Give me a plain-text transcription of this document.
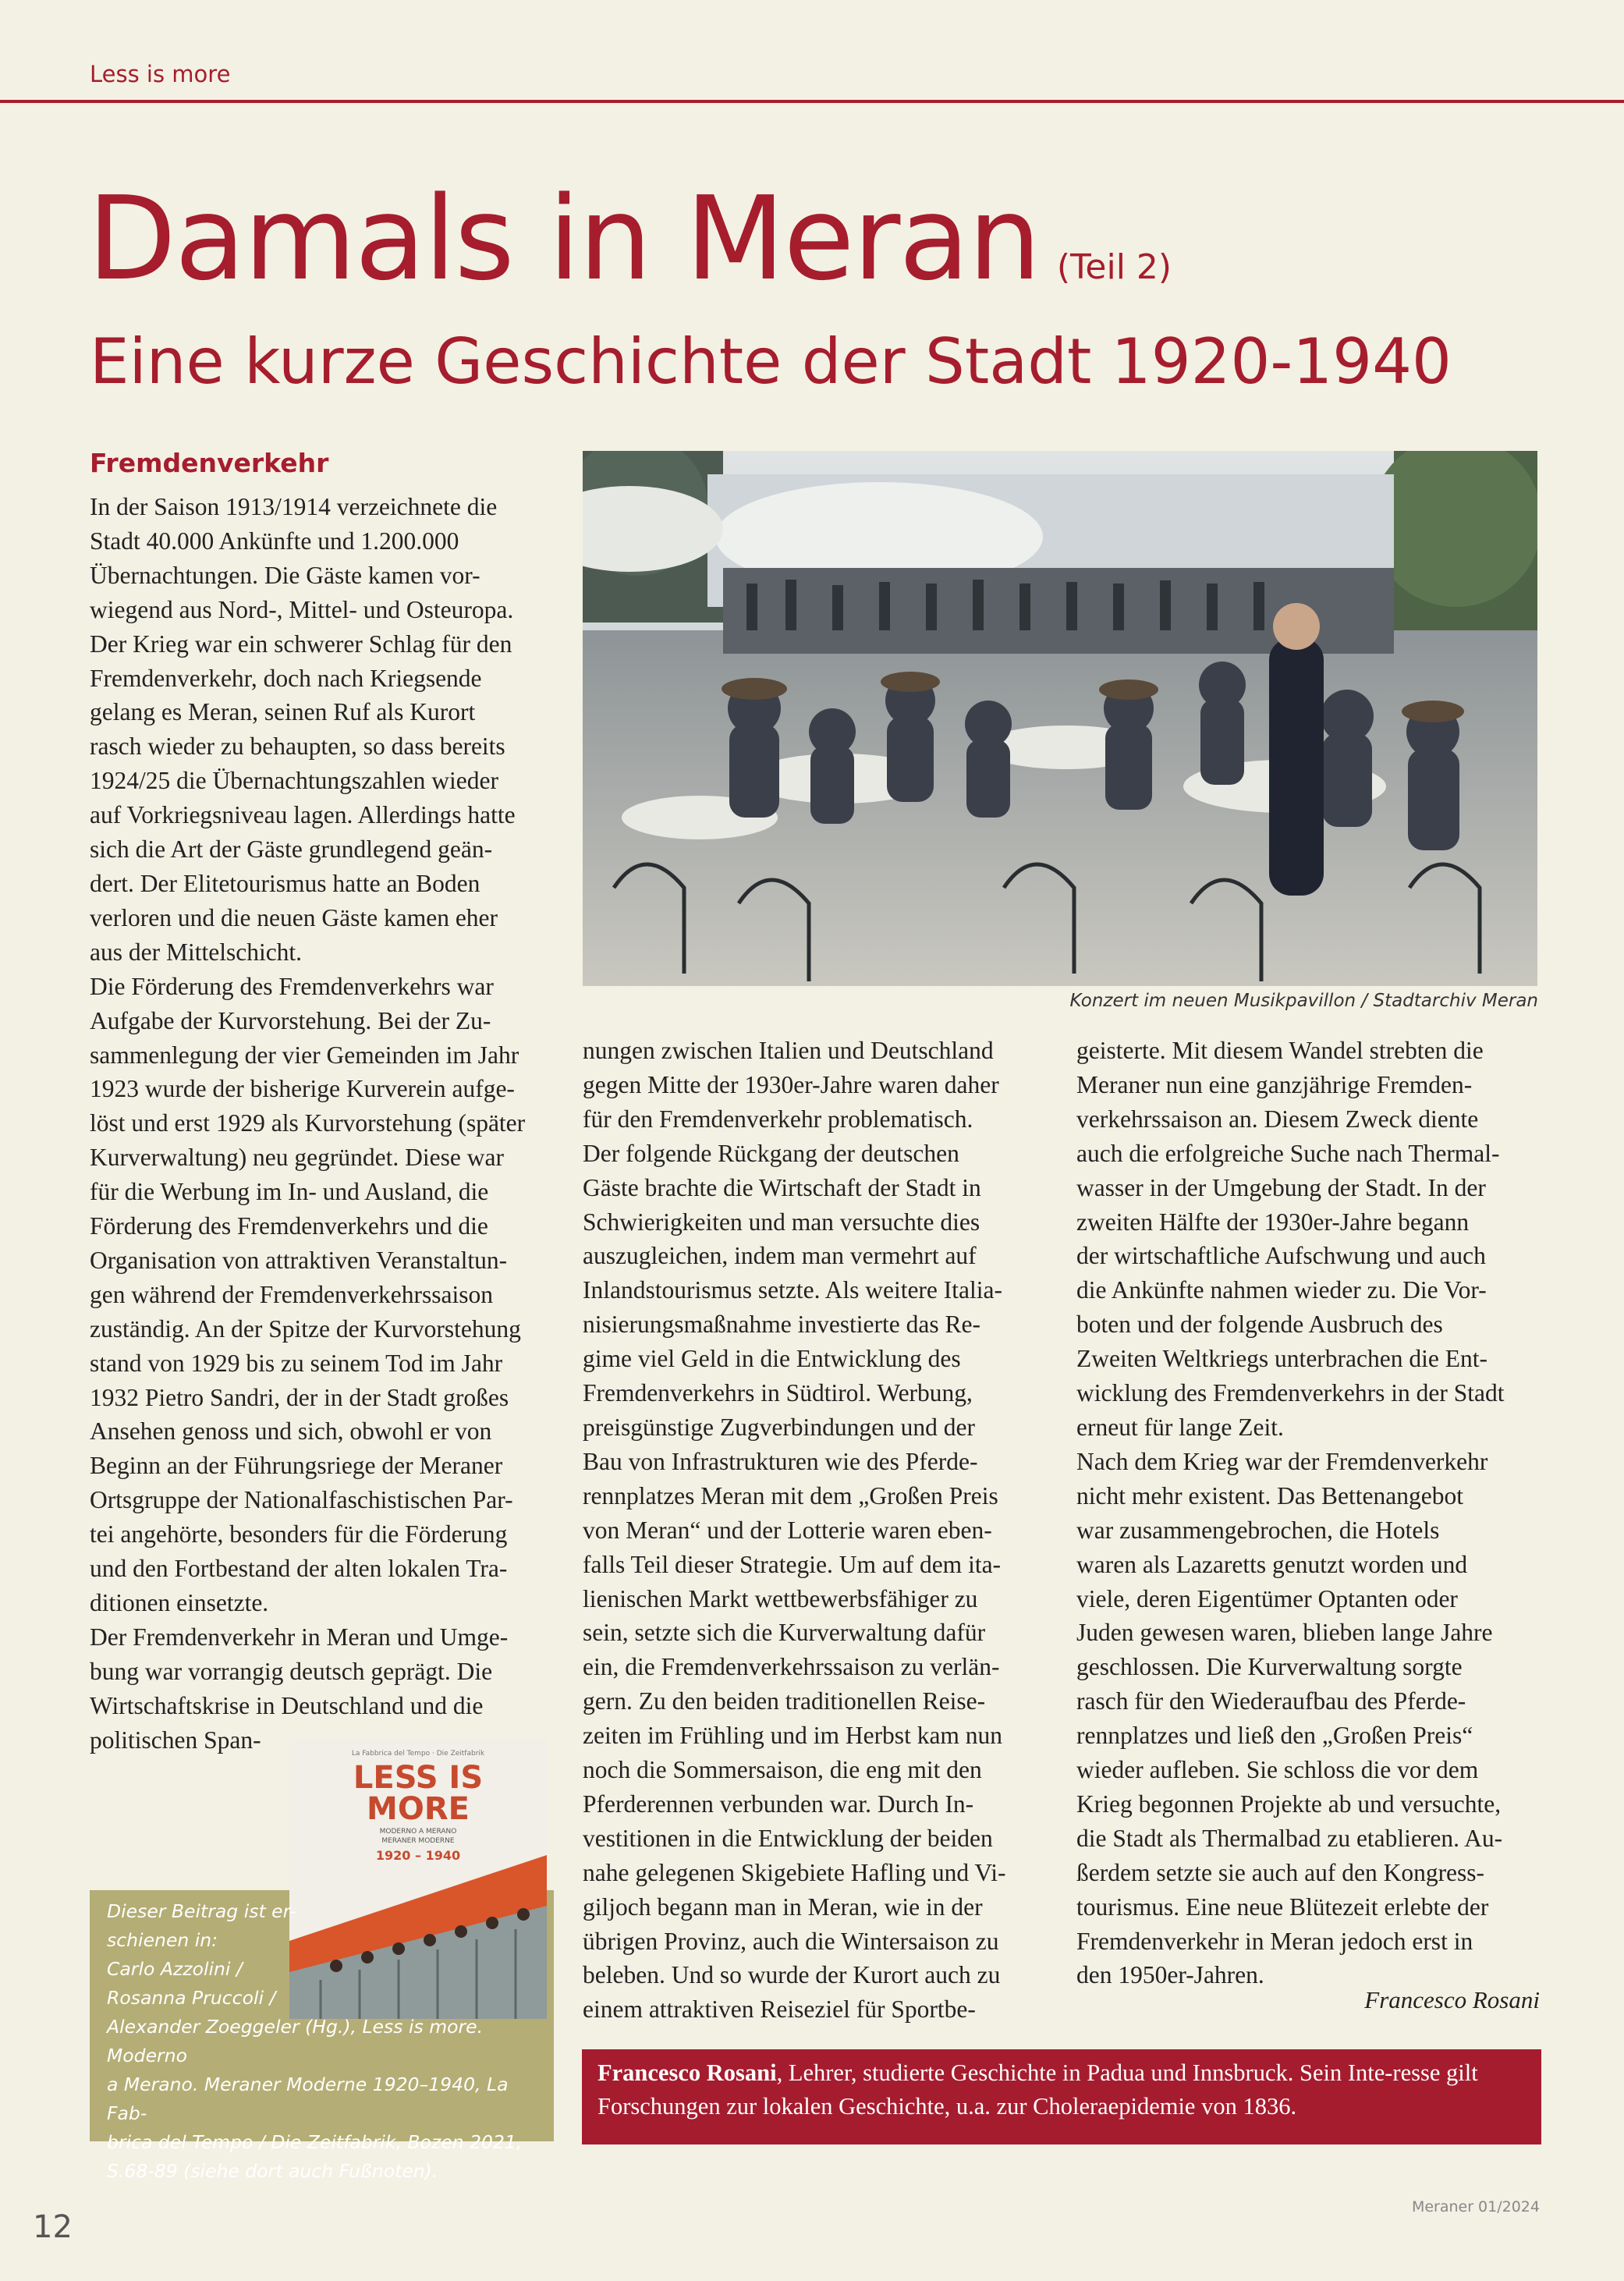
Less is more
Damals in Meran (Teil 2)
Eine kurze Geschichte der Stadt 1920-1940
Fremdenverkehr
In der Saison 1913/1914 verzeichnete die
Stadt 40.000 Ankünfte und 1.200.000
Übernachtungen. Die Gäste kamen vor-
wiegend aus Nord-, Mittel- und Osteuropa.
Der Krieg war ein schwerer Schlag für den
Fremdenverkehr, doch nach Kriegsende
gelang es Meran, seinen Ruf als Kurort
rasch wieder zu behaupten, so dass bereits
1924/25 die Übernachtungszahlen wieder
auf Vorkriegsniveau lagen. Allerdings hatte
sich die Art der Gäste grundlegend geän-
dert. Der Elitetourismus hatte an Boden
verloren und die neuen Gäste kamen eher
aus der Mittelschicht.
Die Förderung des Fremdenverkehrs war
Aufgabe der Kurvorstehung. Bei der Zu-
sammenlegung der vier Gemeinden im Jahr
1923 wurde der bisherige Kurverein aufge-
löst und erst 1929 als Kurvorstehung (später
Kurverwaltung) neu gegründet. Diese war
für die Werbung im In- und Ausland, die
Förderung des Fremdenverkehrs und die
Organisation von attraktiven Veranstaltun-
gen während der Fremdenverkehrssaison
zuständig. An der Spitze der Kurvorstehung
stand von 1929 bis zu seinem Tod im Jahr
1932 Pietro Sandri, der in der Stadt großes
Ansehen genoss und sich, obwohl er von
Beginn an der Führungsriege der Meraner
Ortsgruppe der Nationalfaschistischen Par-
tei angehörte, besonders für die Förderung
und den Fortbestand der alten lokalen Tra-
ditionen einsetzte.
Der Fremdenverkehr in Meran und Umge-
bung war vorrangig deutsch geprägt. Die
Wirtschaftskrise in Deutschland und die
politischen Span-
nungen zwischen Italien und Deutschland
gegen Mitte der 1930er-Jahre waren daher
für den Fremdenverkehr problematisch.
Der folgende Rückgang der deutschen
Gäste brachte die Wirtschaft der Stadt in
Schwierigkeiten und man versuchte dies
auszugleichen, indem man vermehrt auf
Inlandstourismus setzte. Als weitere Italia-
nisierungsmaßnahme investierte das Re-
gime viel Geld in die Entwicklung des
Fremdenverkehrs in Südtirol. Werbung,
preisgünstige Zugverbindungen und der
Bau von Infrastrukturen wie des Pferde-
rennplatzes Meran mit dem „Großen Preis
von Meran“ und der Lotterie waren eben-
falls Teil dieser Strategie. Um auf dem ita-
lienischen Markt wettbewerbsfähiger zu
sein, setzte sich die Kurverwaltung dafür
ein, die Fremdenverkehrssaison zu verlän-
gern. Zu den beiden traditionellen Reise-
zeiten im Frühling und im Herbst kam nun
noch die Sommersaison, die eng mit den
Pferderennen verbunden war. Durch In-
vestitionen in die Entwicklung der beiden
nahe gelegenen Skigebiete Hafling und Vi-
giljoch begann man in Meran, wie in der
übrigen Provinz, auch die Wintersaison zu
beleben. Und so wurde der Kurort auch zu
einem attraktiven Reiseziel für Sportbe-
geisterte. Mit diesem Wandel strebten die
Meraner nun eine ganzjährige Fremden-
verkehrssaison an. Diesem Zweck diente
auch die erfolgreiche Suche nach Thermal-
wasser in der Umgebung der Stadt. In der
zweiten Hälfte der 1930er-Jahre begann
der wirtschaftliche Aufschwung und auch
die Ankünfte nahmen wieder zu. Die Vor-
boten und der folgende Ausbruch des
Zweiten Weltkriegs unterbrachen die Ent-
wicklung des Fremdenverkehrs in der Stadt
erneut für lange Zeit.
Nach dem Krieg war der Fremdenverkehr
nicht mehr existent. Das Bettenangebot
war zusammengebrochen, die Hotels
waren als Lazaretts genutzt worden und
viele, deren Eigentümer Optanten oder
Juden gewesen waren, blieben lange Jahre
geschlossen. Die Kurverwaltung sorgte
rasch für den Wiederaufbau des Pferde-
rennplatzes und ließ den „Großen Preis“
wieder aufleben. Sie schloss die vor dem
Krieg begonnen Projekte ab und versuchte,
die Stadt als Thermalbad zu etablieren. Au-
ßerdem setzte sie auch auf den Kongress-
tourismus. Eine neue Blütezeit erlebte der
Fremdenverkehr in Meran jedoch erst in
den 1950er-Jahren.
Francesco Rosani
Konzert im neuen Musikpavillon / Stadtarchiv Meran
La Fabbrica del Tempo · Die Zeitfabrik
LESS IS
MORE
MODERNO A MERANO
MERANER MODERNE
1920 – 1940
Dieser Beitrag ist er-
schienen in:
Carlo Azzolini /
Rosanna Pruccoli /
Alexander Zoeggeler (Hg.), Less is more. Moderno
a Merano. Meraner Moderne 1920–1940, La Fab-
brica del Tempo / Die Zeitfabrik, Bozen 2021,
S.68-89 (siehe dort auch Fußnoten).
Francesco Rosani, Lehrer, studierte Geschichte in Padua und Innsbruck. Sein Inte-resse gilt Forschungen zur lokalen Geschichte, u.a. zur Choleraepidemie von 1836.
12
Meraner 01/2024
